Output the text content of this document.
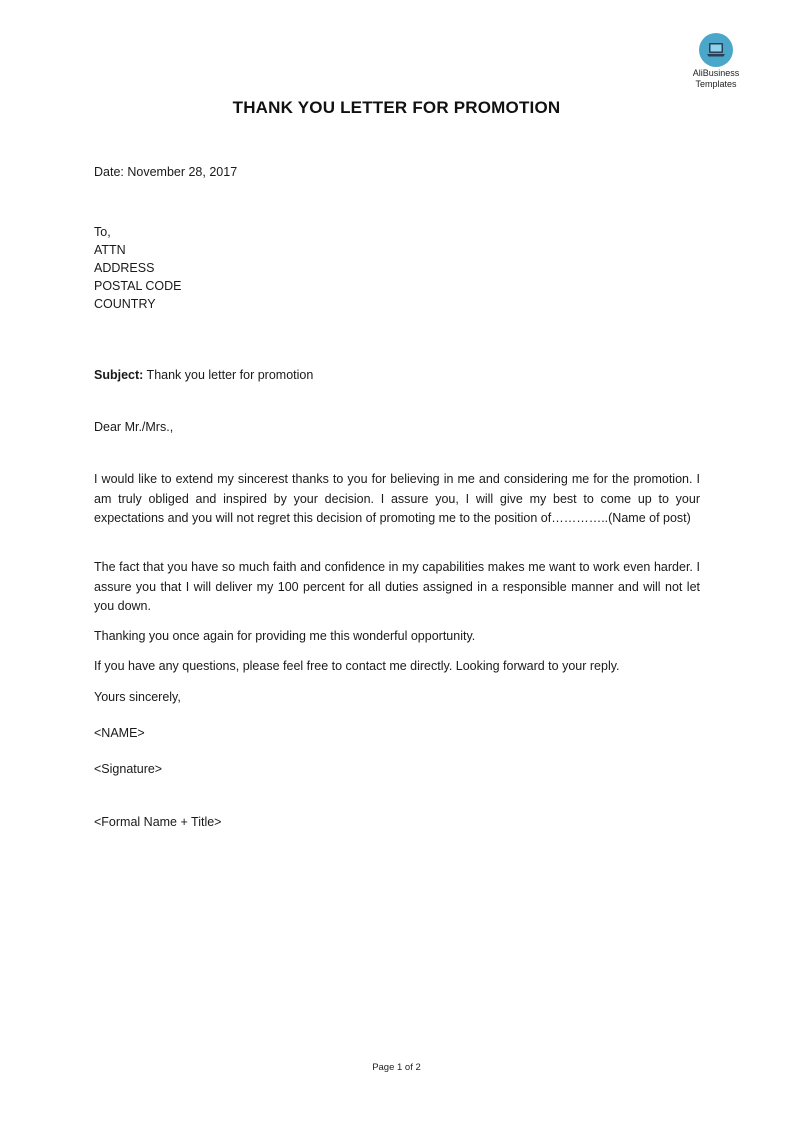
AliBusiness
Templates
THANK YOU LETTER FOR PROMOTION
Date: November 28, 2017
To,
ATTN
ADDRESS
POSTAL CODE
COUNTRY
Subject: Thank you letter for promotion
Dear Mr./Mrs.,
I would like to extend my sincerest thanks to you for believing in me and considering me for the promotion. I am truly obliged and inspired by your decision. I assure you, I will give my best to come up to your expectations and you will not regret this decision of promoting me to the position of…………..(Name of post)
The fact that you have so much faith and confidence in my capabilities makes me want to work even harder. I assure you that I will deliver my 100 percent for all duties assigned in a responsible manner and will not let you down.
Thanking you once again for providing me this wonderful opportunity.
If you have any questions, please feel free to contact me directly. Looking forward to your reply.
Yours sincerely,
<NAME>
<Signature>
<Formal Name + Title>
Page 1 of 2
